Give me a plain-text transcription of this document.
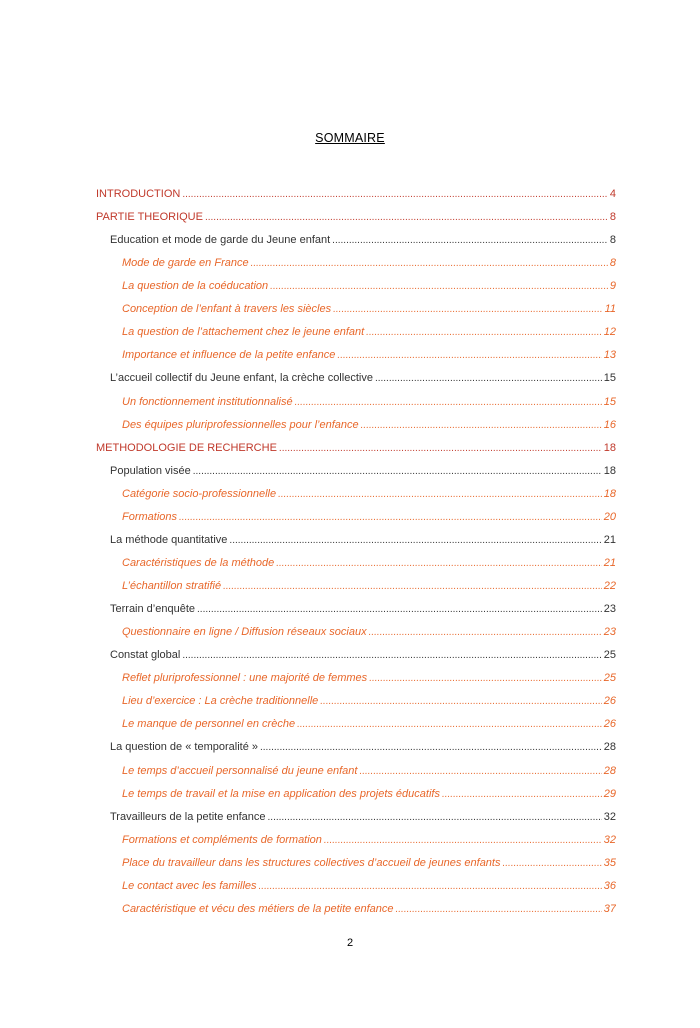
SOMMAIRE
INTRODUCTION .....	4
PARTIE THEORIQUE .....	8
Education et mode de garde du Jeune enfant .....	8
Mode de garde en France .....	8
La question de la coéducation .....	9
Conception de l’enfant à travers les siècles .....	11
La question de l’attachement chez le jeune enfant .....	12
Importance et influence de la petite enfance .....	13
L’accueil collectif du Jeune enfant, la crèche collective .....	15
Un fonctionnement institutionnalisé .....	15
Des équipes pluriprofessionnelles pour l’enfance .....	16
METHODOLOGIE DE RECHERCHE .....	18
Population visée .....	18
Catégorie socio-professionnelle .....	18
Formations .....	20
La méthode quantitative .....	21
Caractéristiques de la méthode .....	21
L’échantillon stratifié .....	22
Terrain d’enquête .....	23
Questionnaire en ligne / Diffusion réseaux sociaux .....	23
Constat global .....	25
Reflet pluriprofessionnel : une majorité de femmes .....	25
Lieu d’exercice : La crèche traditionnelle .....	26
Le manque de personnel en crèche .....	26
La question de « temporalité » .....	28
Le temps d’accueil personnalisé du jeune enfant .....	28
Le temps de travail et la mise en application des projets éducatifs .....	29
Travailleurs de la petite enfance .....	32
Formations et compléments de formation .....	32
Place du travailleur dans les structures collectives d’accueil de jeunes enfants .....	35
Le contact avec les familles .....	36
Caractéristique et vécu des métiers de la petite enfance .....	37
2
